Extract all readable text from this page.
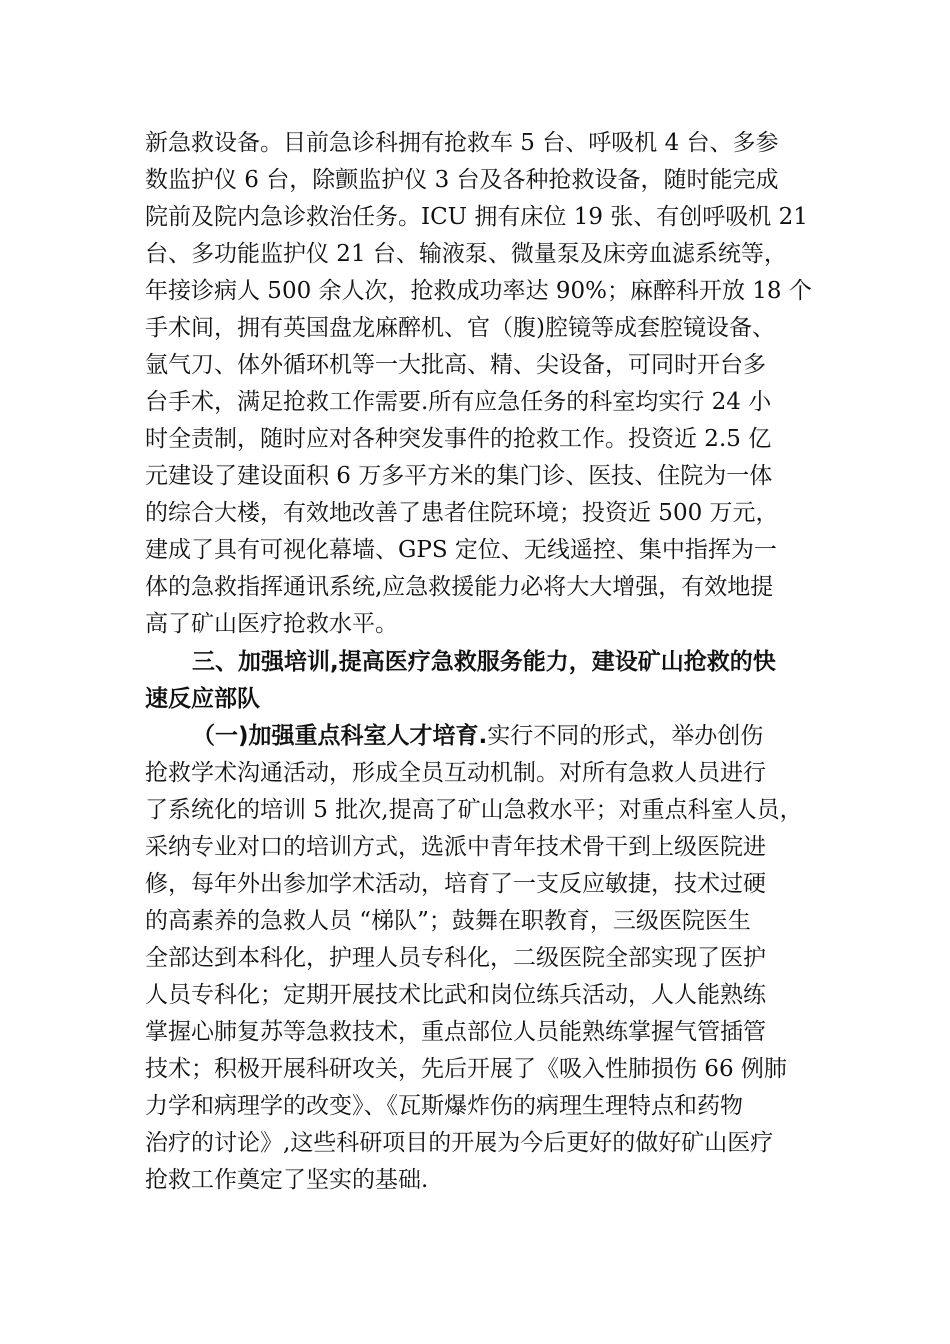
新急救设备。目前急诊科拥有抢救车 5 台、呼吸机 4 台、多参
数监护仪 6 台，除颤监护仪 3 台及各种抢救设备，随时能完成
院前及院内急诊救治任务。ICU 拥有床位 19 张、有创呼吸机 21
台、多功能监护仪 21 台、输液泵、微量泵及床旁血滤系统等，
年接诊病人 500 余人次，抢救成功率达 90%；麻醉科开放 18 个
手术间，拥有英国盘龙麻醉机、官（腹)腔镜等成套腔镜设备、
氩气刀、体外循环机等一大批高、精、尖设备，可同时开台多
台手术，满足抢救工作需要.所有应急任务的科室均实行 24 小
时全责制，随时应对各种突发事件的抢救工作。投资近 2.5 亿
元建设了建设面积 6 万多平方米的集门诊、医技、住院为一体
的综合大楼，有效地改善了患者住院环境；投资近 500 万元，
建成了具有可视化幕墙、GPS 定位、无线遥控、集中指挥为一
体的急救指挥通讯系统,应急救援能力必将大大增强，有效地提
高了矿山医疗抢救水平。
三、加强培训,提高医疗急救服务能力，建设矿山抢救的快
速反应部队
（一)加强重点科室人才培育.实行不同的形式，举办创伤
抢救学术沟通活动，形成全员互动机制。对所有急救人员进行
了系统化的培训 5 批次,提高了矿山急救水平；对重点科室人员，
采纳专业对口的培训方式，选派中青年技术骨干到上级医院进
修，每年外出参加学术活动，培育了一支反应敏捷，技术过硬
的高素养的急救人员 “梯队”；鼓舞在职教育，三级医院医生
全部达到本科化，护理人员专科化，二级医院全部实现了医护
人员专科化；定期开展技术比武和岗位练兵活动，人人能熟练
掌握心肺复苏等急救技术，重点部位人员能熟练掌握气管插管
技术；积极开展科研攻关，先后开展了《吸入性肺损伤 66 例肺
力学和病理学的改变》、《瓦斯爆炸伤的病理生理特点和药物
治疗的讨论》,这些科研项目的开展为今后更好的做好矿山医疗
抢救工作奠定了坚实的基础.
